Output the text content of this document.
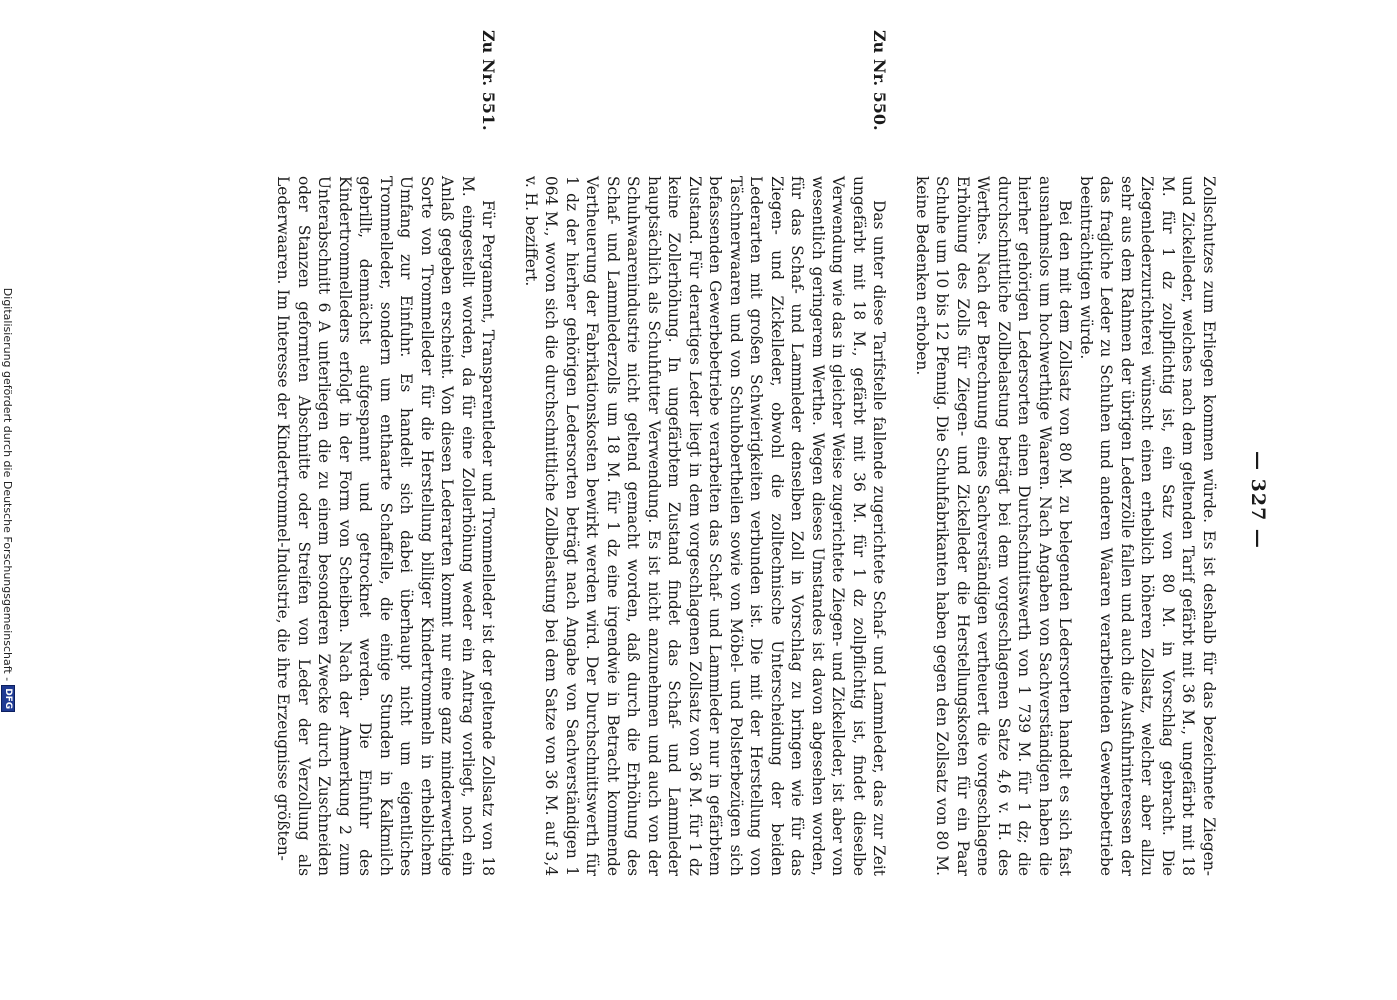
— 327 —

Zollschutzes zum Erliegen kommen würde. Es ist deshalb für das bezeichnete Ziegen- und Zickelleder, welches nach dem geltenden Tarif gefärbt mit 36 M., ungefärbt mit 18 M. für 1 dz zollpflichtig ist, ein Satz von 80 M. in Vorschlag gebracht. Die Ziegenlederzurichterei wünscht einen erheblich höheren Zollsatz, welcher aber allzu sehr aus dem Rahmen der übrigen Lederzölle fallen und auch die Ausfuhrinteressen der das fragliche Leder zu Schuhen und anderen Waaren verarbeitenden Gewerbebetriebe beeinträchtigen würde.

Bei den mit dem Zollsatz von 80 M. zu belegenden Ledersorten handelt es sich fast ausnahmslos um hochwerthige Waaren. Nach Angaben von Sachverständigen haben die hierher gehörigen Ledersorten einen Durchschnittswerth von 1 739 M. für 1 dz; die durchschnittliche Zollbelastung beträgt bei dem vorgeschlagenen Satze 4,6 v. H. des Werthes. Nach der Berechnung eines Sachverständigen vertheuert die vorgeschlagene Erhöhung des Zolls für Ziegen- und Zickelleder die Herstellungskosten für ein Paar Schuhe um 10 bis 12 Pfennig. Die Schuhfabrikanten haben gegen den Zollsatz von 80 M. keine Bedenken erhoben.

Zu Nr. 550.

Das unter diese Tarifstelle fallende zugerichtete Schaf- und Lammleder, das zur Zeit ungefärbt mit 18 M., gefärbt mit 36 M. für 1 dz zollpflichtig ist, findet dieselbe Verwendung wie das in gleicher Weise zugerichtete Ziegen- und Zickelleder, ist aber von wesentlich geringerem Werthe. Wegen dieses Umstandes ist davon abgesehen worden, für das Schaf- und Lammleder denselben Zoll in Vorschlag zu bringen wie für das Ziegen- und Zickelleder, obwohl die zolltechnische Unterscheidung der beiden Lederarten mit großen Schwierigkeiten verbunden ist. Die mit der Herstellung von Täschnerwaaren und von Schuhobertheilen sowie von Möbel- und Polsterbezügen sich befassenden Gewerbebetriebe verarbeiten das Schaf- und Lammleder nur in gefärbtem Zustand. Für derartiges Leder liegt in dem vorgeschlagenen Zollsatz von 36 M. für 1 dz keine Zollerhöhung. In ungefärbtem Zustand findet das Schaf- und Lammleder hauptsächlich als Schuhfutter Verwendung. Es ist nicht anzunehmen und auch von der Schuhwaarenindustrie nicht geltend gemacht worden, daß durch die Erhöhung des Schaf- und Lammlederzolls um 18 M. für 1 dz eine irgendwie in Betracht kommende Vertheuerung der Fabrikationskosten bewirkt werden wird. Der Durchschnittswerth für 1 dz der hierher gehörigen Ledersorten beträgt nach Angabe von Sachverständigen 1 064 M., wovon sich die durchschnittliche Zollbelastung bei dem Satze von 36 M. auf 3,4 v. H. beziffert.

Zu Nr. 551.

Für Pergament, Transparentleder und Trommelleder ist der geltende Zollsatz von 18 M. eingestellt worden, da für eine Zollerhöhung weder ein Antrag vorliegt, noch ein Anlaß gegeben erscheint. Von diesen Lederarten kommt nur eine ganz minderwerthige Sorte von Trommelleder für die Herstellung billiger Kindertrommeln in erheblichem Umfang zur Einfuhr. Es handelt sich dabei überhaupt nicht um eigentliches Trommelleder, sondern um enthaarte Schaffelle, die einige Stunden in Kalkmilch gebrillt, demnächst aufgespannt und getrocknet werden. Die Einfuhr des Kindertrommelleders erfolgt in der Form von Scheiben. Nach der Anmerkung 2 zum Unterabschnitt 6 A unterliegen die zu einem besonderen Zwecke durch Zuschneiden oder Stanzen geformten Abschnitte oder Streifen von Leder der Verzollung als Lederwaaren. Im Interesse der Kindertrommel-Industrie, die ihre Erzeugnisse größten-

Digitalisierung gefördert durch die Deutsche Forschungsgemeinschaft -
DFG
